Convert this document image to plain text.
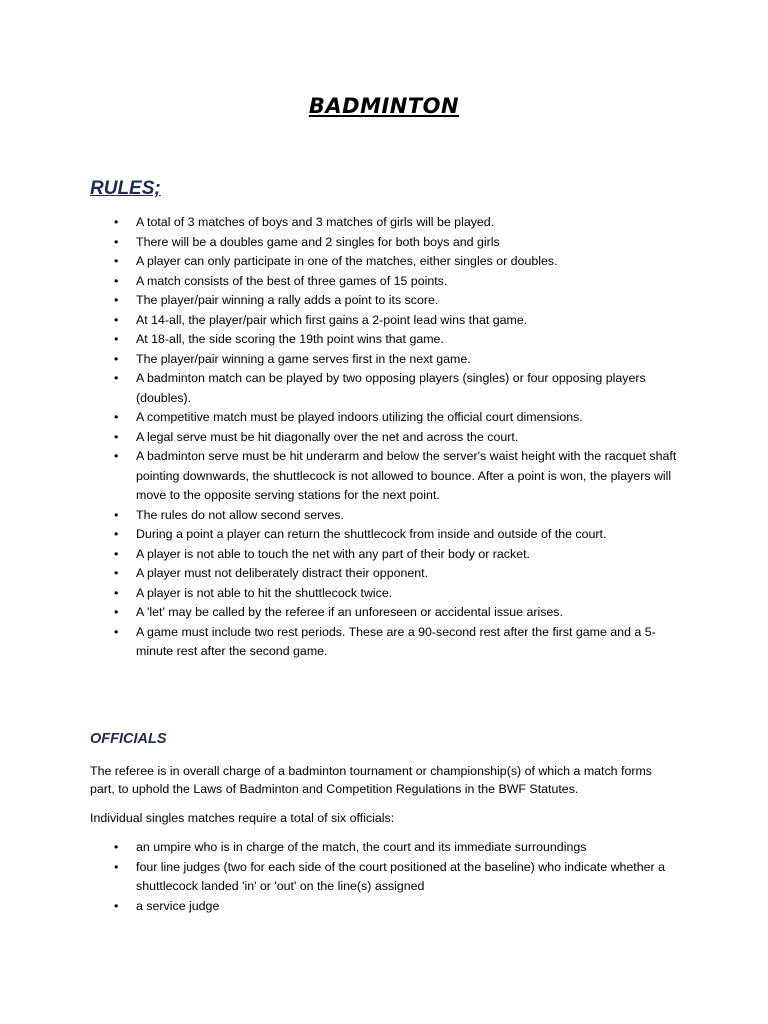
BADMINTON
RULES;
• A total of 3 matches of boys and 3 matches of girls will be played.
• There will be a doubles game and 2 singles for both boys and girls
• A player can only participate in one of the matches, either singles or doubles.
• A match consists of the best of three games of 15 points.
• The player/pair winning a rally adds a point to its score.
• At 14-all, the player/pair which first gains a 2-point lead wins that game.
• At 18-all, the side scoring the 19th point wins that game.
• The player/pair winning a game serves first in the next game.
• A badminton match can be played by two opposing players (singles) or four opposing players (doubles).
• A competitive match must be played indoors utilizing the official court dimensions.
• A legal serve must be hit diagonally over the net and across the court.
• A badminton serve must be hit underarm and below the server's waist height with the racquet shaft pointing downwards, the shuttlecock is not allowed to bounce. After a point is won, the players will move to the opposite serving stations for the next point.
• The rules do not allow second serves.
• During a point a player can return the shuttlecock from inside and outside of the court.
• A player is not able to touch the net with any part of their body or racket.
• A player must not deliberately distract their opponent.
• A player is not able to hit the shuttlecock twice.
• A 'let' may be called by the referee if an unforeseen or accidental issue arises.
• A game must include two rest periods. These are a 90-second rest after the first game and a 5-minute rest after the second game.
OFFICIALS
The referee is in overall charge of a badminton tournament or championship(s) of which a match forms part, to uphold the Laws of Badminton and Competition Regulations in the BWF Statutes.
Individual singles matches require a total of six officials:
• an umpire who is in charge of the match, the court and its immediate surroundings
• four line judges (two for each side of the court positioned at the baseline) who indicate whether a shuttlecock landed 'in' or 'out' on the line(s) assigned
• a service judge
